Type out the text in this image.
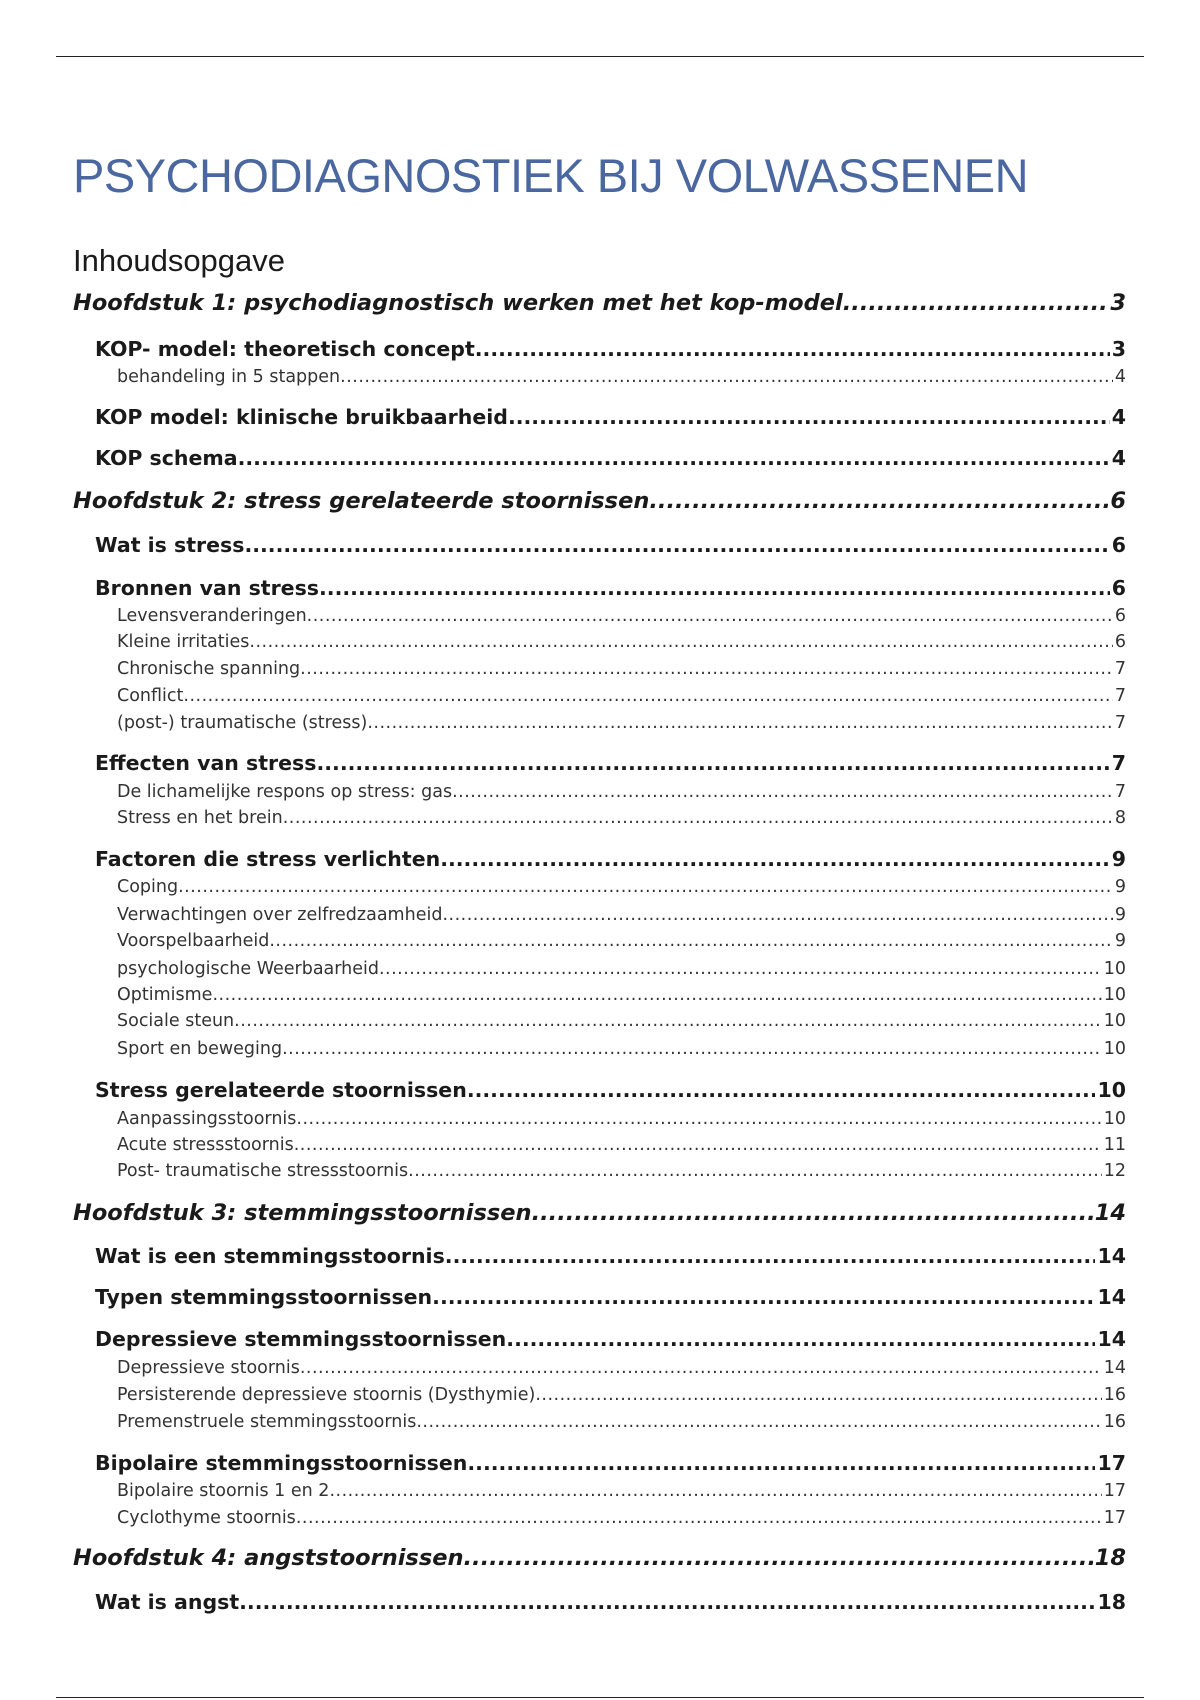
PSYCHODIAGNOSTIEK BIJ VOLWASSENEN
Inhoudsopgave
Hoofdstuk 1: psychodiagnostisch werken met het kop-model .....	3
KOP- model: theoretisch concept .....	3
behandeling in 5 stappen .....	4
KOP model: klinische bruikbaarheid .....	4
KOP schema .....	4
Hoofdstuk 2: stress gerelateerde stoornissen .....	6
Wat is stress .....	6
Bronnen van stress .....	6
Levensveranderingen .....	6
Kleine irritaties .....	6
Chronische spanning .....	7
Conflict .....	7
(post-) traumatische (stress) .....	7
Effecten van stress .....	7
De lichamelijke respons op stress: gas .....	7
Stress en het brein .....	8
Factoren die stress verlichten .....	9
Coping .....	9
Verwachtingen over zelfredzaamheid .....	9
Voorspelbaarheid .....	9
psychologische Weerbaarheid .....	10
Optimisme .....	10
Sociale steun .....	10
Sport en beweging .....	10
Stress gerelateerde stoornissen .....	10
Aanpassingsstoornis .....	10
Acute stressstoornis .....	11
Post- traumatische stressstoornis .....	12
Hoofdstuk 3: stemmingsstoornissen .....	14
Wat is een stemmingsstoornis .....	14
Typen stemmingsstoornissen .....	14
Depressieve stemmingsstoornissen .....	14
Depressieve stoornis .....	14
Persisterende depressieve stoornis (Dysthymie) .....	16
Premenstruele stemmingsstoornis .....	16
Bipolaire stemmingsstoornissen .....	17
Bipolaire stoornis 1 en 2 .....	17
Cyclothyme stoornis .....	17
Hoofdstuk 4: angststoornissen .....	18
Wat is angst .....	18
